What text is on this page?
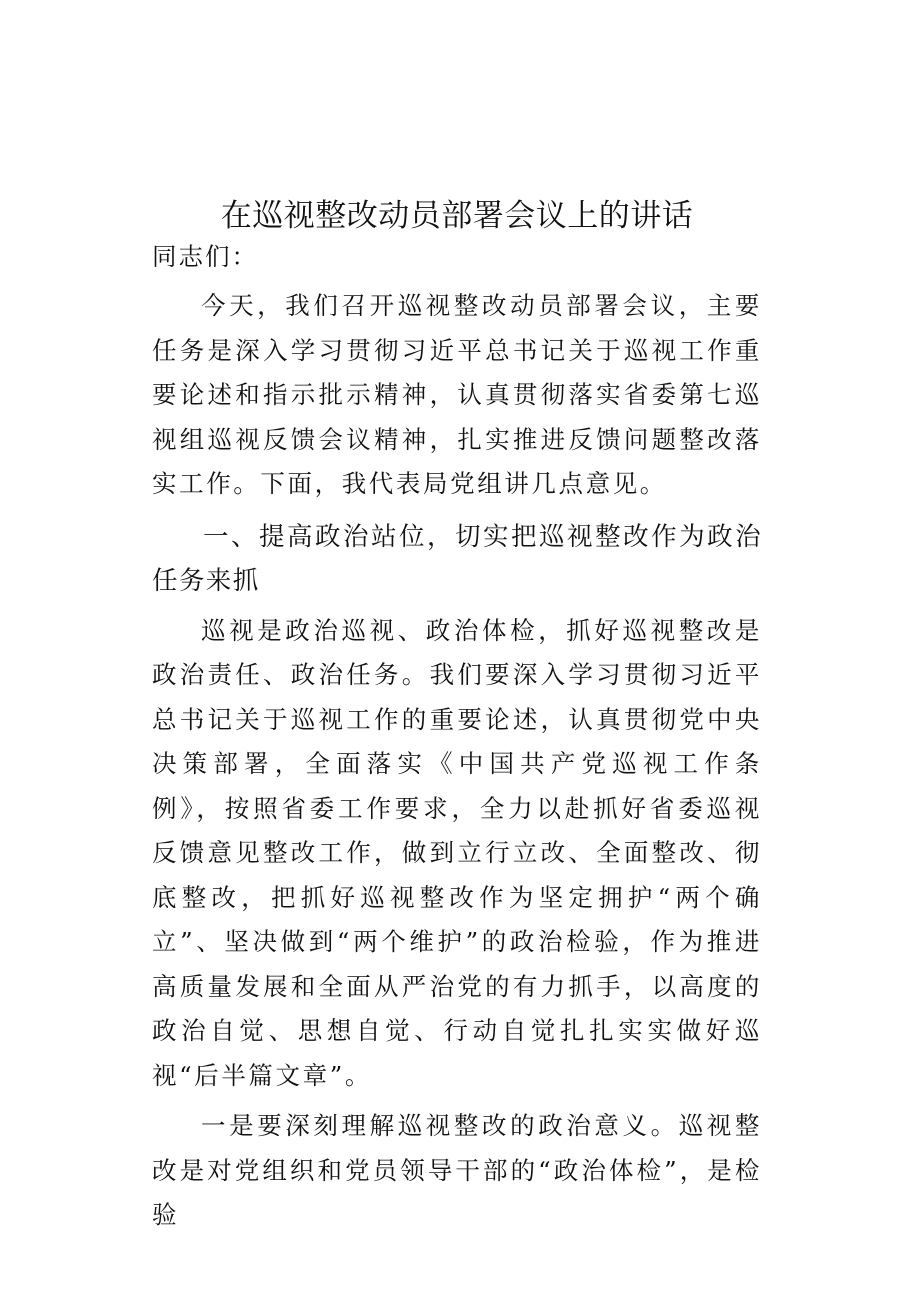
在巡视整改动员部署会议上的讲话

同志们：

今天，我们召开巡视整改动员部署会议，主要任务是深入学习贯彻习近平总书记关于巡视工作重要论述和指示批示精神，认真贯彻落实省委第七巡视组巡视反馈会议精神，扎实推进反馈问题整改落实工作。下面，我代表局党组讲几点意见。

一、提高政治站位，切实把巡视整改作为政治任务来抓

巡视是政治巡视、政治体检，抓好巡视整改是政治责任、政治任务。我们要深入学习贯彻习近平总书记关于巡视工作的重要论述，认真贯彻党中央决策部署，全面落实《中国共产党巡视工作条例》，按照省委工作要求，全力以赴抓好省委巡视反馈意见整改工作，做到立行立改、全面整改、彻底整改，把抓好巡视整改作为坚定拥护“两个确立”、坚决做到“两个维护”的政治检验，作为推进高质量发展和全面从严治党的有力抓手，以高度的政治自觉、思想自觉、行动自觉扎扎实实做好巡视“后半篇文章”。

一是要深刻理解巡视整改的政治意义。巡视整改是对党组织和党员领导干部的“政治体检”，是检验
